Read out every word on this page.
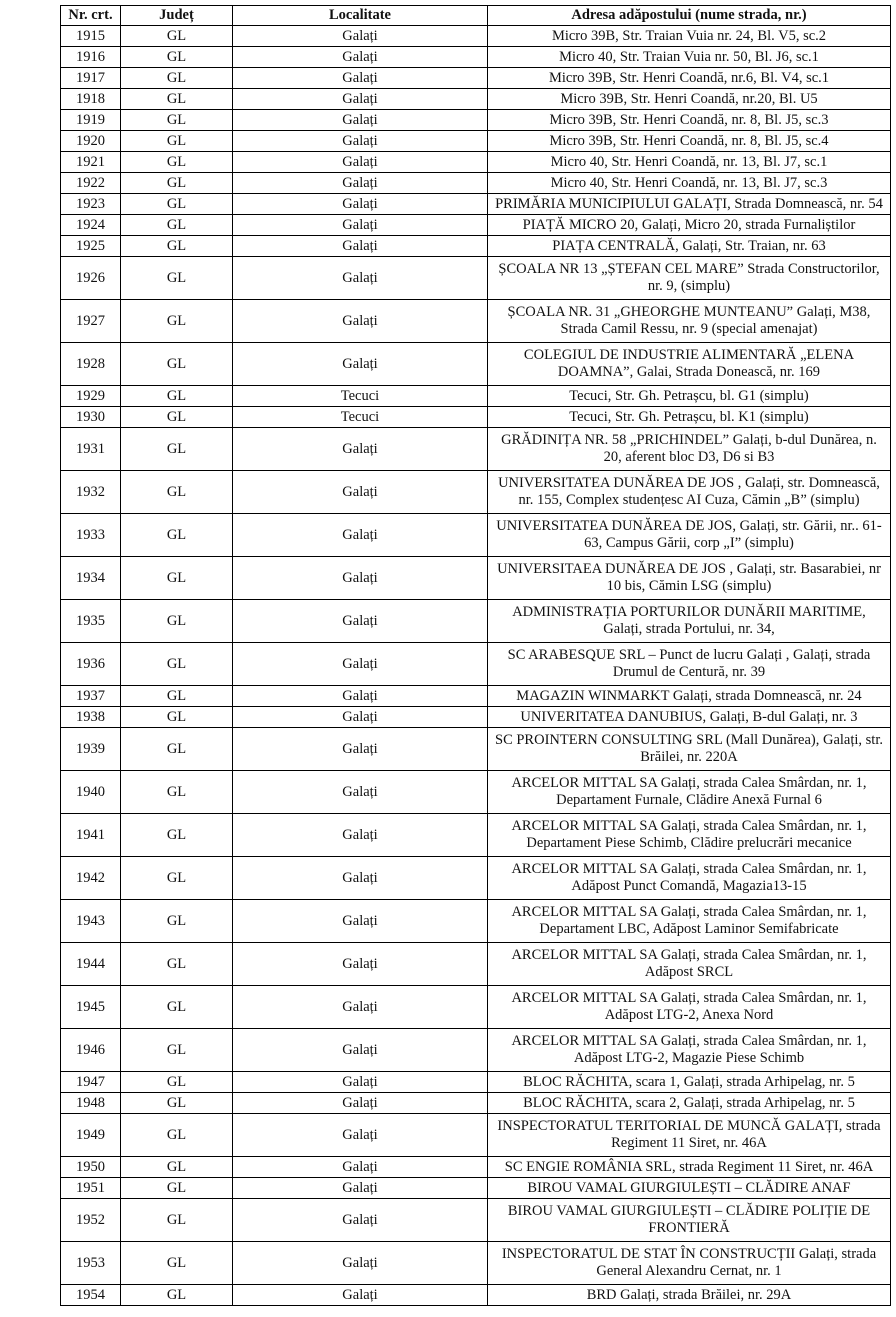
Nr. crt.	Județ	Localitate	Adresa adăpostului (nume strada, nr.)
1915	GL	Galați	Micro 39B, Str. Traian Vuia nr. 24, Bl. V5, sc.2
1916	GL	Galați	Micro 40, Str. Traian Vuia nr. 50, Bl. J6, sc.1
1917	GL	Galați	Micro 39B, Str. Henri Coandă, nr.6, Bl. V4, sc.1
1918	GL	Galați	Micro 39B, Str. Henri Coandă, nr.20, Bl. U5
1919	GL	Galați	Micro 39B, Str. Henri Coandă, nr. 8, Bl. J5, sc.3
1920	GL	Galați	Micro 39B, Str. Henri Coandă, nr. 8, Bl. J5, sc.4
1921	GL	Galați	Micro 40, Str. Henri Coandă, nr. 13, Bl. J7, sc.1
1922	GL	Galați	Micro 40, Str. Henri Coandă, nr. 13, Bl. J7, sc.3
1923	GL	Galați	PRIMĂRIA MUNICIPIULUI GALAȚI, Strada Domnească, nr. 54
1924	GL	Galați	PIAȚĂ MICRO 20, Galați, Micro 20, strada Furnaliștilor
1925	GL	Galați	PIAȚA CENTRALĂ, Galați, Str. Traian, nr. 63
1926	GL	Galați	ȘCOALA NR 13 „ȘTEFAN CEL MARE” Strada Constructorilor, nr. 9, (simplu)
1927	GL	Galați	ȘCOALA NR. 31 „GHEORGHE MUNTEANU” Galați, M38, Strada Camil Ressu, nr. 9 (special amenajat)
1928	GL	Galați	COLEGIUL DE INDUSTRIE ALIMENTARĂ „ELENA DOAMNA”, Galai, Strada Donească, nr. 169
1929	GL	Tecuci	Tecuci, Str. Gh. Petrașcu, bl. G1 (simplu)
1930	GL	Tecuci	Tecuci, Str. Gh. Petrașcu, bl. K1 (simplu)
1931	GL	Galați	GRĂDINIȚA NR. 58 „PRICHINDEL” Galați, b-dul Dunărea, n. 20, aferent bloc D3, D6 si B3
1932	GL	Galați	UNIVERSITATEA DUNĂREA DE JOS , Galați, str. Domnească, nr. 155, Complex studențesc AI Cuza, Cămin „B” (simplu)
1933	GL	Galați	UNIVERSITATEA DUNĂREA DE JOS, Galați, str. Gării, nr.. 61-63, Campus Gării, corp „I” (simplu)
1934	GL	Galați	UNIVERSITAEA DUNĂREA DE JOS , Galați, str. Basarabiei, nr 10 bis, Cămin LSG (simplu)
1935	GL	Galați	ADMINISTRAȚIA PORTURILOR DUNĂRII MARITIME, Galați, strada Portului, nr. 34,
1936	GL	Galați	SC ARABESQUE SRL – Punct de lucru Galați , Galați, strada Drumul de Centură, nr. 39
1937	GL	Galați	MAGAZIN WINMARKT Galați, strada Domnească, nr. 24
1938	GL	Galați	UNIVERITATEA DANUBIUS, Galați, B-dul Galați, nr. 3
1939	GL	Galați	SC PROINTERN CONSULTING SRL (Mall Dunărea), Galați, str. Brăilei, nr. 220A
1940	GL	Galați	ARCELOR MITTAL SA Galați, strada Calea Smârdan, nr. 1, Departament Furnale, Clădire Anexă Furnal 6
1941	GL	Galați	ARCELOR MITTAL SA Galați, strada Calea Smârdan, nr. 1, Departament Piese Schimb, Clădire prelucrări mecanice
1942	GL	Galați	ARCELOR MITTAL SA Galați, strada Calea Smârdan, nr. 1, Adăpost Punct Comandă, Magazia13-15
1943	GL	Galați	ARCELOR MITTAL SA Galați, strada Calea Smârdan, nr. 1, Departament LBC, Adăpost Laminor Semifabricate
1944	GL	Galați	ARCELOR MITTAL SA Galați, strada Calea Smârdan, nr. 1, Adăpost SRCL
1945	GL	Galați	ARCELOR MITTAL SA Galați, strada Calea Smârdan, nr. 1, Adăpost LTG-2, Anexa Nord
1946	GL	Galați	ARCELOR MITTAL SA Galați, strada Calea Smârdan, nr. 1, Adăpost LTG-2, Magazie Piese Schimb
1947	GL	Galați	BLOC RĂCHITA, scara 1, Galați, strada Arhipelag, nr. 5
1948	GL	Galați	BLOC RĂCHITA, scara 2, Galați, strada Arhipelag, nr. 5
1949	GL	Galați	INSPECTORATUL TERITORIAL DE MUNCĂ GALAȚI, strada Regiment 11 Siret, nr. 46A
1950	GL	Galați	SC ENGIE ROMÂNIA SRL, strada Regiment 11 Siret, nr. 46A
1951	GL	Galați	BIROU VAMAL GIURGIULEȘTI – CLĂDIRE ANAF
1952	GL	Galați	BIROU VAMAL GIURGIULEȘTI – CLĂDIRE POLIȚIE DE FRONTIERĂ
1953	GL	Galați	INSPECTORATUL DE STAT ÎN CONSTRUCȚII Galați, strada General Alexandru Cernat, nr. 1
1954	GL	Galați	BRD Galați, strada Brăilei, nr. 29A
